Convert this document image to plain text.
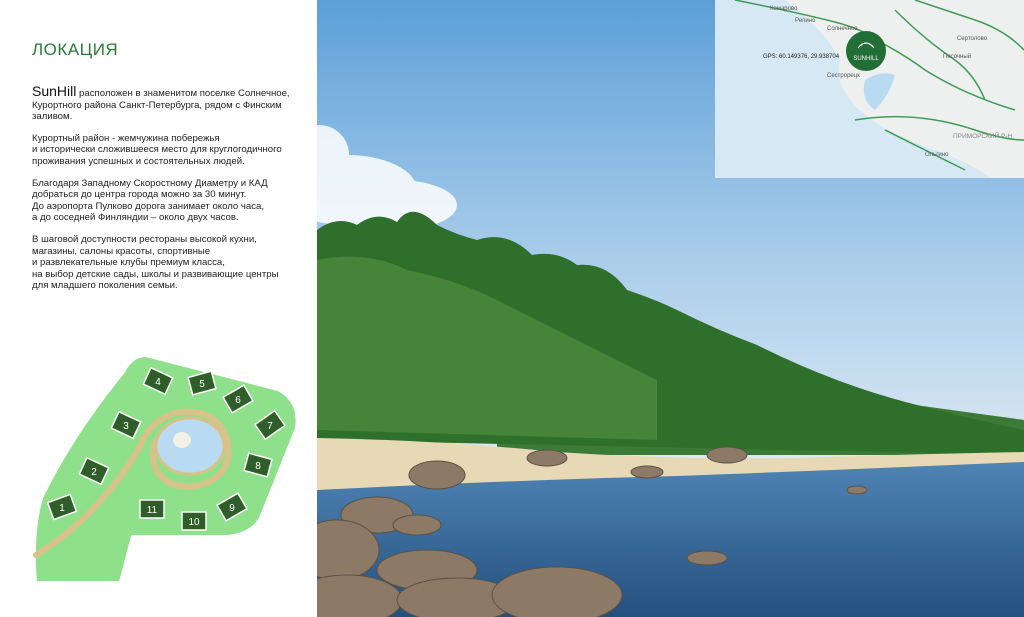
ЛОКАЦИЯ

SunHill расположен в знаменитом поселке Солнечное, Курортного района Санкт-Петербурга, рядом с Финским заливом.

Курортный район - жемчужина побережья
и исторически сложившееся место для круглогодичного проживания успешных и состоятельных людей.

Благодаря Западному Скоростному Диаметру и КАД
добраться до центра города можно за 30 минут.
До аэропорта Пулково дорога занимает около часа,
а до соседней Финляндии – около двух часов.

В шаговой доступности рестораны высокой кухни,
магазины, салоны красоты, спортивные
и развлекательные клубы премиум класса,
на выбор детские сады, школы и развивающие центры
для младшего поколения семьи.

1
2
3
4	5
6
7
8
9
10
11
Комарово
Репино
Солнечное
Сертолово
Песочный
Сестрорецк
ПРИМОРСКИЙ Р-Н
Ольгино
GPS: 60.149376, 29.938704 SUNHILL
